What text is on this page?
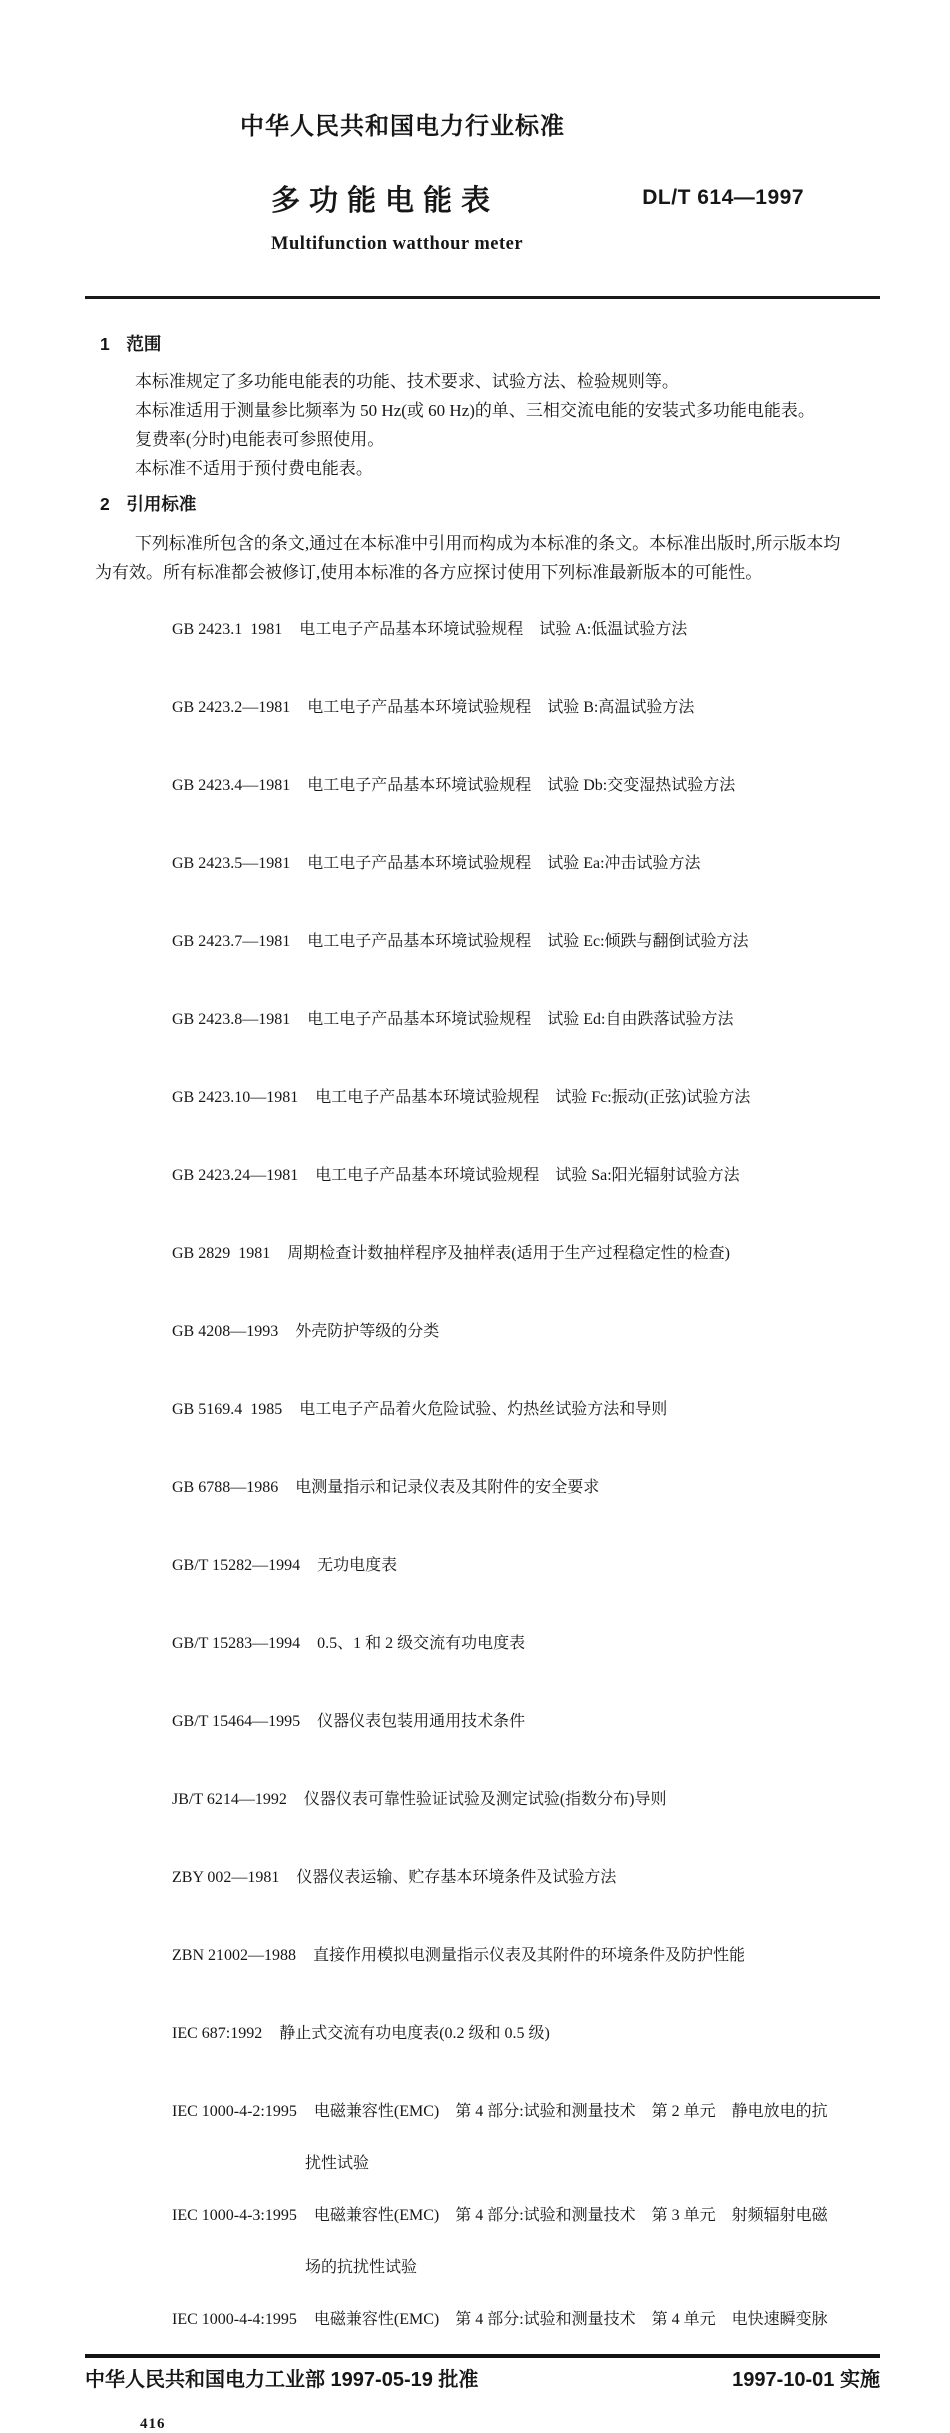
中华人民共和国电力行业标准
多功能电能表	DL/T 614—1997
Multifunction watthour meter
1 范围

本标准规定了多功能电能表的功能、技术要求、试验方法、检验规则等。

本标准适用于测量参比频率为 50 Hz(或 60 Hz)的单、三相交流电能的安装式多功能电能表。

复费率(分时)电能表可参照使用。

本标准不适用于预付费电能表。

2 引用标准
下列标准所包含的条文,通过在本标准中引用而构成为本标准的条文。本标准出版时,所示版本均
为有效。所有标准都会被修订,使用本标准的各方应探讨使用下列标准最新版本的可能性。

GB 2423.1  1981 电工电子产品基本环境试验规程　试验 A:低温试验方法

GB 2423.2—1981 电工电子产品基本环境试验规程　试验 B:高温试验方法

GB 2423.4—1981 电工电子产品基本环境试验规程　试验 Db:交变湿热试验方法

GB 2423.5—1981 电工电子产品基本环境试验规程　试验 Ea:冲击试验方法

GB 2423.7—1981 电工电子产品基本环境试验规程　试验 Ec:倾跌与翻倒试验方法

GB 2423.8—1981 电工电子产品基本环境试验规程　试验 Ed:自由跌落试验方法

GB 2423.10—1981 电工电子产品基本环境试验规程　试验 Fc:振动(正弦)试验方法

GB 2423.24—1981 电工电子产品基本环境试验规程　试验 Sa:阳光辐射试验方法

GB 2829  1981 周期检查计数抽样程序及抽样表(适用于生产过程稳定性的检查)

GB 4208—1993 外壳防护等级的分类

GB 5169.4  1985 电工电子产品着火危险试验、灼热丝试验方法和导则

GB 6788—1986 电测量指示和记录仪表及其附件的安全要求

GB/T 15282—1994 无功电度表

GB/T 15283—1994 0.5、1 和 2 级交流有功电度表

GB/T 15464—1995 仪器仪表包装用通用技术条件

JB/T 6214—1992 仪器仪表可靠性验证试验及测定试验(指数分布)导则

ZBY 002—1981 仪器仪表运输、贮存基本环境条件及试验方法

ZBN 21002—1988 直接作用模拟电测量指示仪表及其附件的环境条件及防护性能

IEC 687:1992 静止式交流有功电度表(0.2 级和 0.5 级)

IEC 1000-4-2:1995 电磁兼容性(EMC)　第 4 部分:试验和测量技术　第 2 单元　静电放电的抗

扰性试验

IEC 1000-4-3:1995 电磁兼容性(EMC)　第 4 部分:试验和测量技术　第 3 单元　射频辐射电磁

场的抗扰性试验

IEC 1000-4-4:1995 电磁兼容性(EMC)　第 4 部分:试验和测量技术　第 4 单元　电快速瞬变脉

中华人民共和国电力工业部 1997-05-19 批准	1997-10-01 实施
416
